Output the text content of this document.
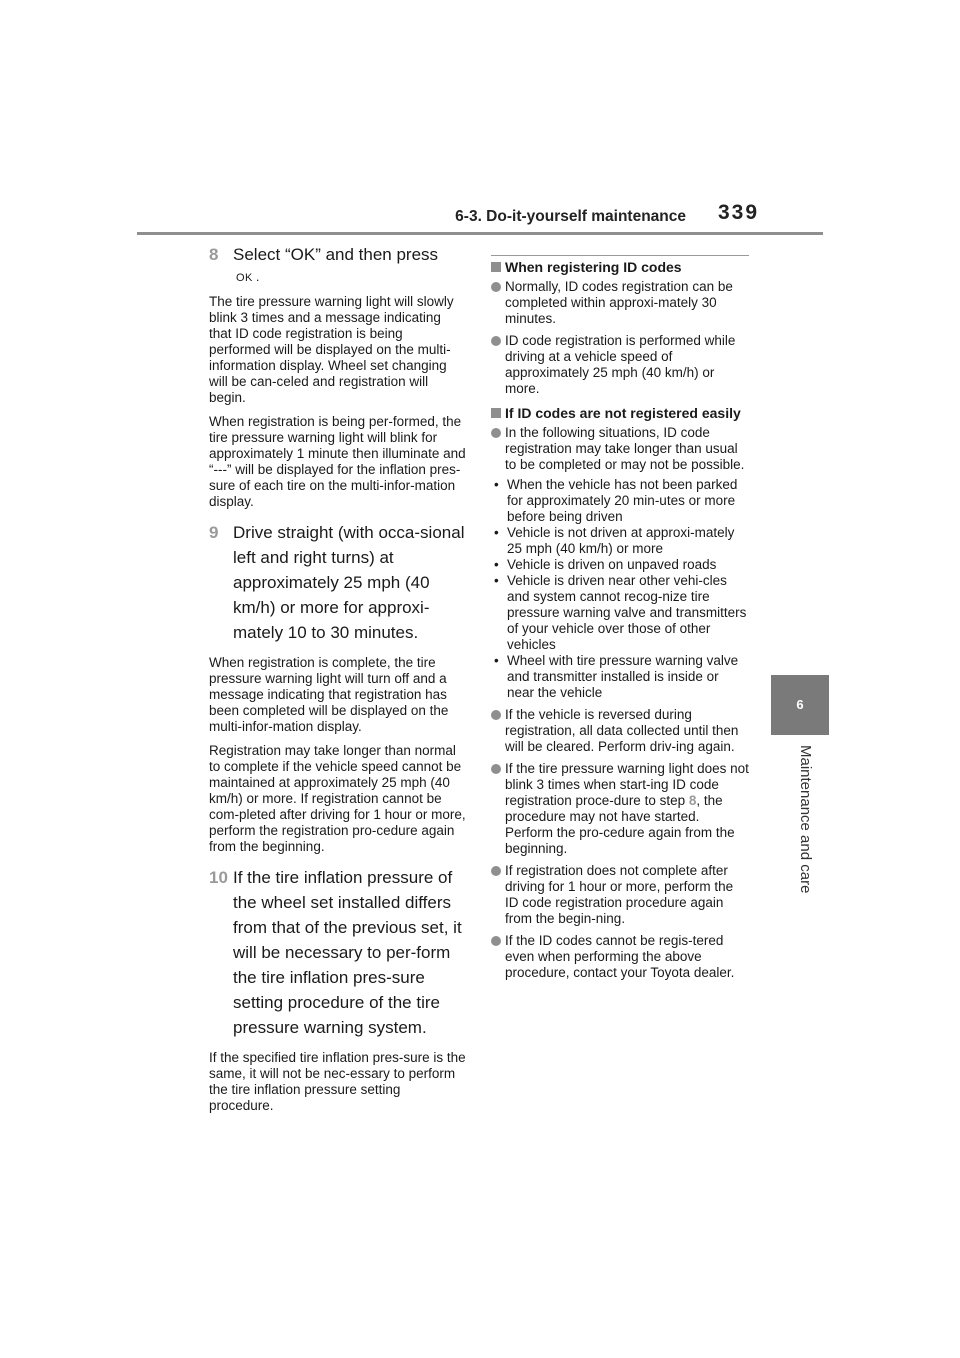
6-3. Do-it-yourself maintenance 339
6
Maintenance and care
8 Select “OK” and then press
OK .

The tire pressure warning light will slowly blink 3 times and a message indicating that ID code registration is being performed will be displayed on the multi-information display. Wheel set changing will be can-celed and registration will begin.

When registration is being per-formed, the tire pressure warning light will blink for approximately 1 minute then illuminate and “---” will be displayed for the inflation pres-sure of each tire on the multi-infor-mation display.

9 Drive straight (with occa-sional left and right turns) at approximately 25 mph (40 km/h) or more for approxi-mately 10 to 30 minutes.

When registration is complete, the tire pressure warning light will turn off and a message indicating that registration has been completed will be displayed on the multi-infor-mation display.

Registration may take longer than normal to complete if the vehicle speed cannot be maintained at approximately 25 mph (40 km/h) or more. If registration cannot be com-pleted after driving for 1 hour or more, perform the registration pro-cedure again from the beginning.

10 If the tire inflation pressure of the wheel set installed differs from that of the previous set, it will be necessary to per-form the tire inflation pres-sure setting procedure of the tire pressure warning system.

If the specified tire inflation pres-sure is the same, it will not be nec-essary to perform the tire inflation pressure setting procedure.

When registering ID codes
Normally, ID codes registration can be completed within approxi-mately 30 minutes.
ID code registration is performed while driving at a vehicle speed of approximately 25 mph (40 km/h) or more.
If ID codes are not registered easily
In the following situations, ID code registration may take longer than usual to be completed or may not be possible.
• When the vehicle has not been parked for approximately 20 min-utes or more before being driven
• Vehicle is not driven at approxi-mately 25 mph (40 km/h) or more
• Vehicle is driven on unpaved roads
• Vehicle is driven near other vehi-cles and system cannot recog-nize tire pressure warning valve and transmitters of your vehicle over those of other vehicles
• Wheel with tire pressure warning valve and transmitter installed is inside or near the vehicle
If the vehicle is reversed during registration, all data collected until then will be cleared. Perform driv-ing again.
If the tire pressure warning light does not blink 3 times when start-ing ID code registration proce-dure to step 8, the procedure may not have started. Perform the pro-cedure again from the beginning.
If registration does not complete after driving for 1 hour or more, perform the ID code registration procedure again from the begin-ning.
If the ID codes cannot be regis-tered even when performing the above procedure, contact your Toyota dealer.
